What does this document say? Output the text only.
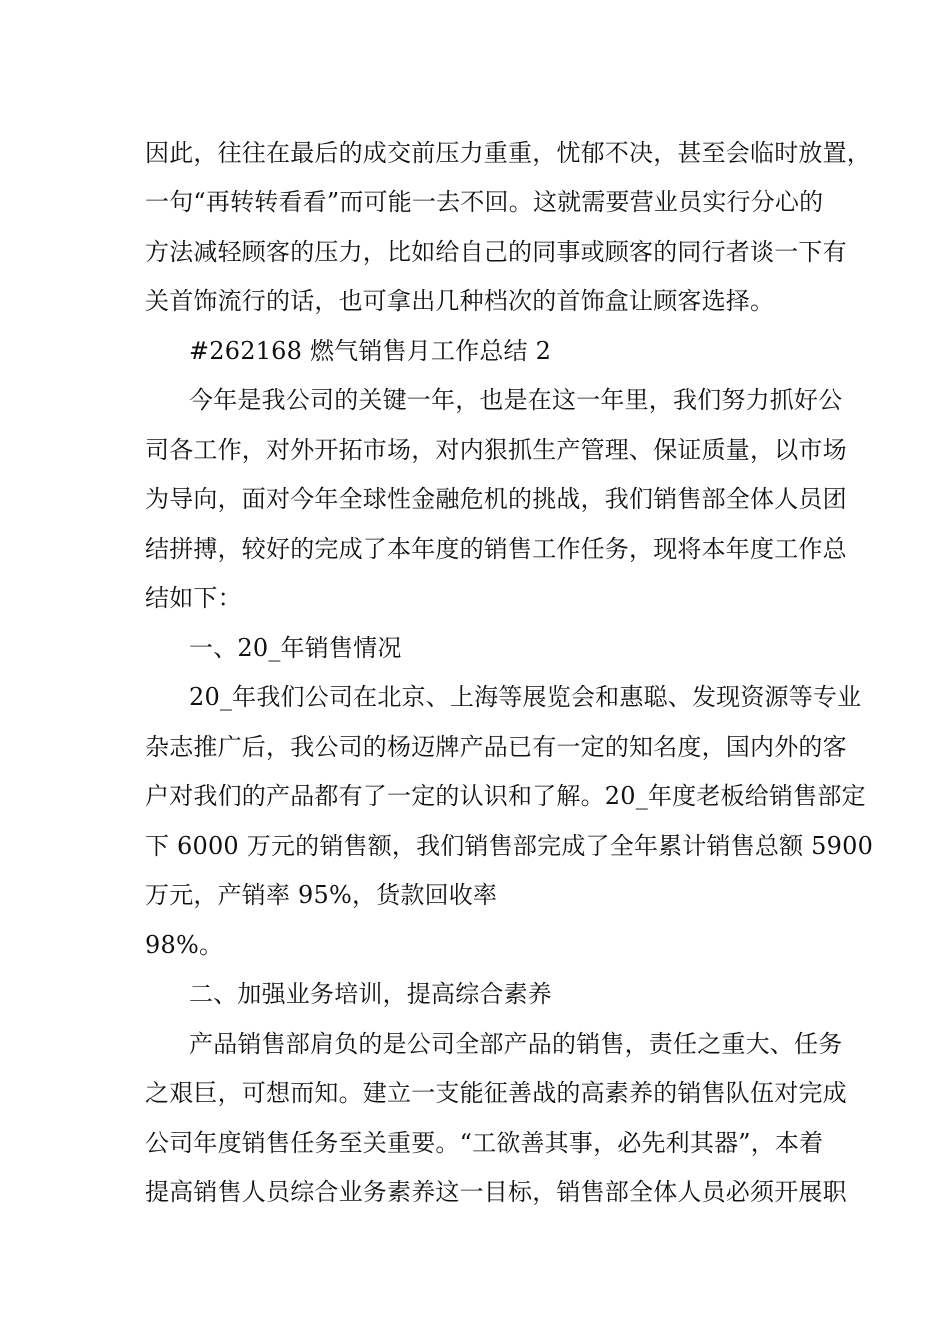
因此，往往在最后的成交前压力重重，忧郁不决，甚至会临时放置，
一句“再转转看看”而可能一去不回。这就需要营业员实行分心的
方法减轻顾客的压力，比如给自己的同事或顾客的同行者谈一下有
关首饰流行的话，也可拿出几种档次的首饰盒让顾客选择。
#262168 燃气销售月工作总结 2
今年是我公司的关键一年，也是在这一年里，我们努力抓好公
司各工作，对外开拓市场，对内狠抓生产管理、保证质量，以市场
为导向，面对今年全球性金融危机的挑战，我们销售部全体人员团
结拼搏，较好的完成了本年度的销售工作任务，现将本年度工作总
结如下：
一、20_年销售情况
20_年我们公司在北京、上海等展览会和惠聪、发现资源等专业
杂志推广后，我公司的杨迈牌产品已有一定的知名度，国内外的客
户对我们的产品都有了一定的认识和了解。20_年度老板给销售部定
下 6000 万元的销售额，我们销售部完成了全年累计销售总额 5900
万元，产销率 95%，货款回收率
98%。
二、加强业务培训，提高综合素养
产品销售部肩负的是公司全部产品的销售，责任之重大、任务
之艰巨，可想而知。建立一支能征善战的高素养的销售队伍对完成
公司年度销售任务至关重要。“工欲善其事，必先利其器”，本着
提高销售人员综合业务素养这一目标，销售部全体人员必须开展职
